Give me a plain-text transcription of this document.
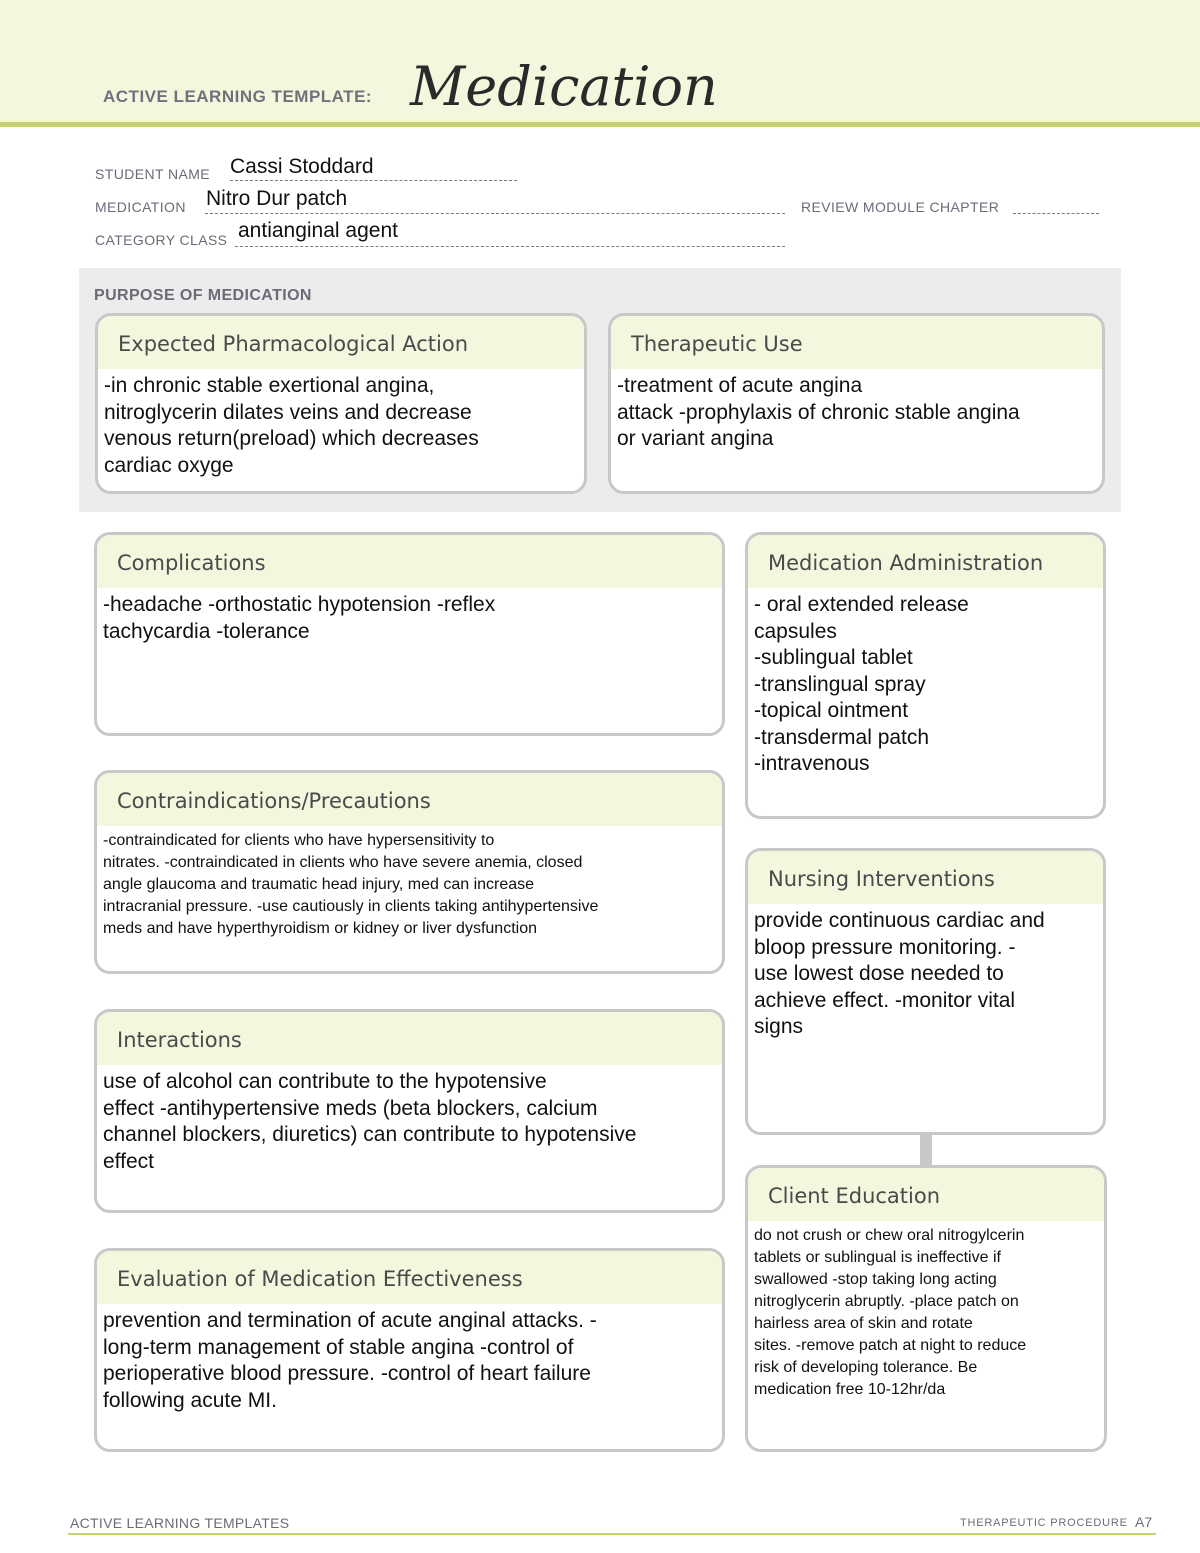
ACTIVE LEARNING TEMPLATE: Medication
STUDENT NAME Cassi Stoddard
MEDICATION Nitro Dur patch	REVIEW MODULE CHAPTER
CATEGORY CLASS antianginal agent
PURPOSE OF MEDICATION
Expected Pharmacological Action
-in chronic stable exertional angina,
nitroglycerin dilates veins and decrease
venous return(preload) which decreases
cardiac oxyge
Therapeutic Use
-treatment of acute angina
attack -prophylaxis of chronic stable angina
or variant angina
Complications
-headache -orthostatic hypotension -reflex
tachycardia -tolerance
Contraindications/Precautions
-contraindicated for clients who have hypersensitivity to
nitrates. -contraindicated in clients who have severe anemia, closed
angle glaucoma and traumatic head injury, med can increase
intracranial pressure. -use cautiously in clients taking antihypertensive
meds and have hyperthyroidism or kidney or liver dysfunction
Interactions
use of alcohol can contribute to the hypotensive
effect -antihypertensive meds (beta blockers, calcium
channel blockers, diuretics) can contribute to hypotensive
effect
Evaluation of Medication Effectiveness
prevention and termination of acute anginal attacks. -
long-term management of stable angina -control of
perioperative blood pressure. -control of heart failure
following acute MI.
Medication Administration
- oral extended release
capsules
-sublingual tablet
-translingual spray
-topical ointment
-transdermal patch
-intravenous
Nursing Interventions
provide continuous cardiac and
bloop pressure monitoring. -
use lowest dose needed to
achieve effect. -monitor vital
signs
Client Education
do not crush or chew oral nitrogylcerin
tablets or sublingual is ineffective if
swallowed -stop taking long acting
nitroglycerin abruptly. -place patch on
hairless area of skin and rotate
sites. -remove patch at night to reduce
risk of developing tolerance. Be
medication free 10-12hr/da
ACTIVE LEARNING TEMPLATES	THERAPEUTIC PROCEDURE A7
